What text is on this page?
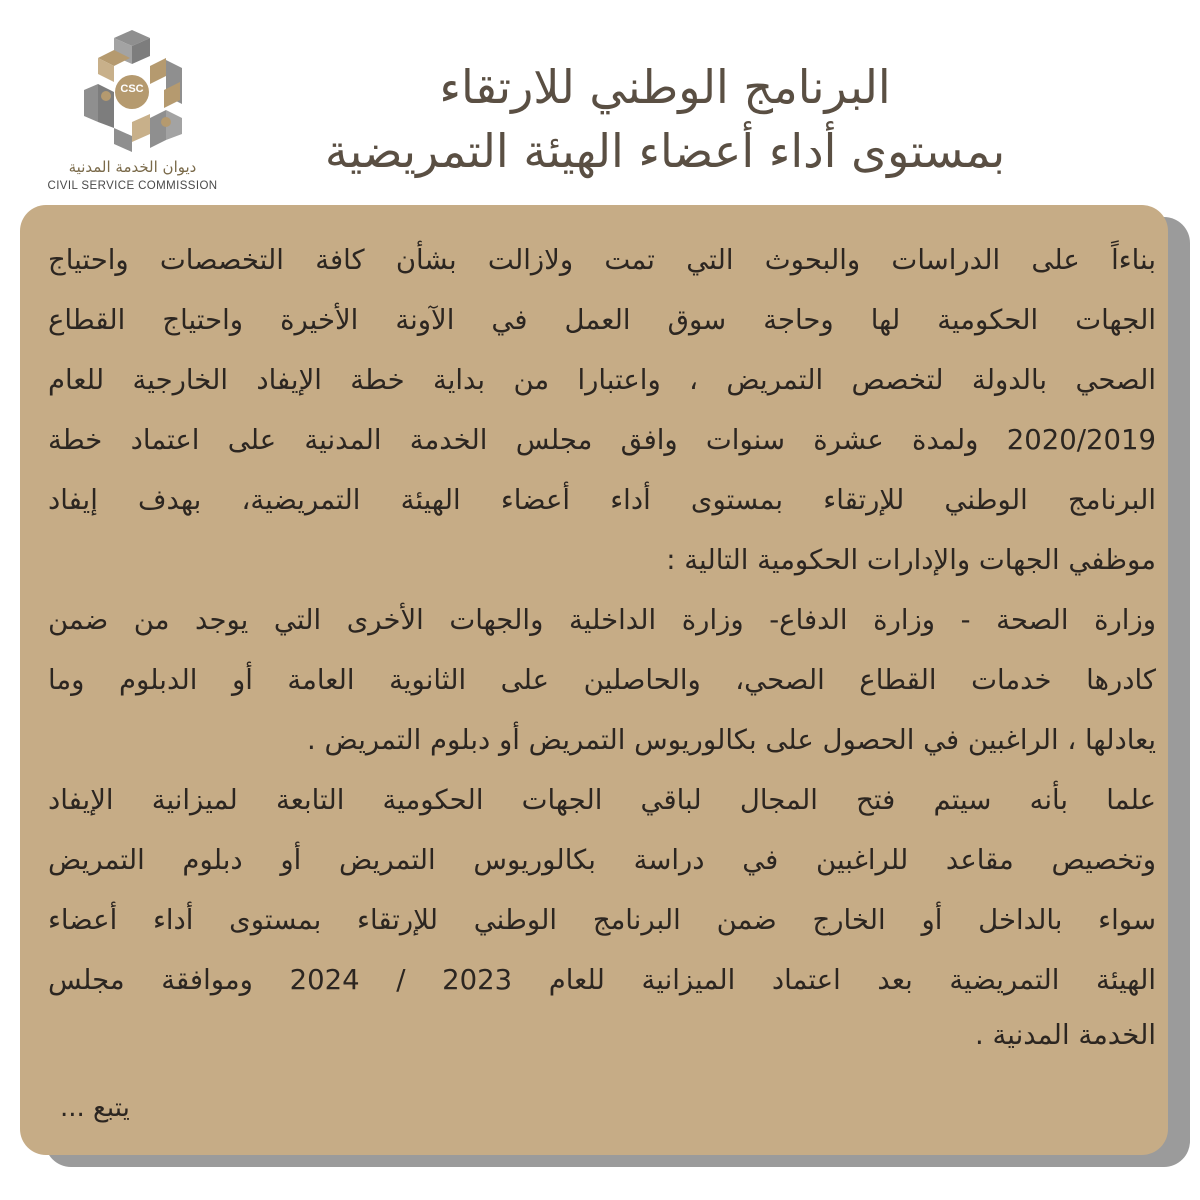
CSC
ديوان الخدمة المدنية
CIVIL SERVICE COMMISSION
البرنامج الوطني للارتقاء
بمستوى أداء أعضاء الهيئة التمريضية
بناءاً على الدراسات والبحوث التي تمت ولازالت بشأن كافة التخصصات واحتياج
الجهات الحكومية لها وحاجة سوق العمل في الآونة الأخيرة واحتياج القطاع
الصحي بالدولة لتخصص التمريض ، واعتبارا من بداية خطة الإيفاد الخارجية للعام
2020/2019 ولمدة عشرة سنوات وافق مجلس الخدمة المدنية على اعتماد خطة
البرنامج الوطني للإرتقاء بمستوى أداء أعضاء الهيئة التمريضية، بهدف إيفاد
موظفي الجهات والإدارات الحكومية التالية :
وزارة الصحة - وزارة الدفاع- وزارة الداخلية والجهات الأخرى التي يوجد من ضمن
كادرها خدمات القطاع الصحي، والحاصلين على الثانوية العامة أو الدبلوم وما
يعادلها ، الراغبين في الحصول على بكالوريوس التمريض أو دبلوم التمريض .
علما بأنه سيتم فتح المجال لباقي الجهات الحكومية التابعة لميزانية الإيفاد
وتخصيص مقاعد للراغبين في دراسة بكالوريوس التمريض أو دبلوم التمريض
سواء بالداخل أو الخارج ضمن البرنامج الوطني للإرتقاء بمستوى أداء أعضاء
الهيئة التمريضية بعد اعتماد الميزانية للعام 2023 / 2024 وموافقة مجلس
الخدمة المدنية .
يتبع ...
